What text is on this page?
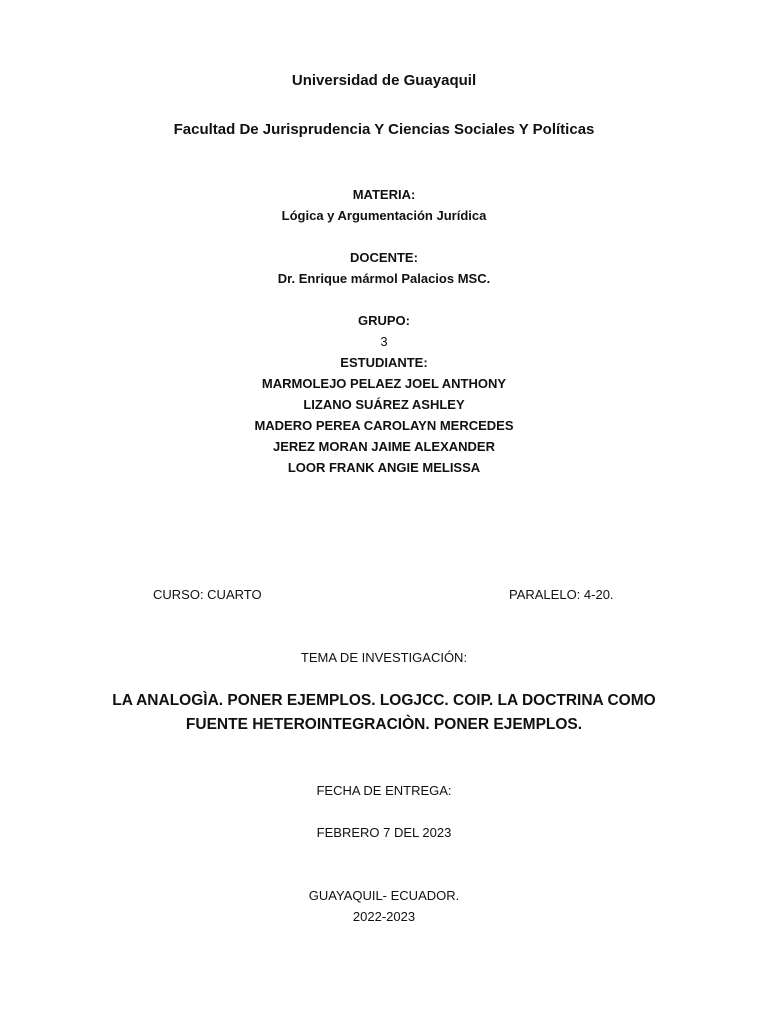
Universidad de Guayaquil
Facultad De Jurisprudencia Y Ciencias Sociales Y Políticas
MATERIA:
Lógica y Argumentación Jurídica
DOCENTE:
Dr. Enrique mármol Palacios MSC.
GRUPO:
3
ESTUDIANTE:
MARMOLEJO PELAEZ JOEL ANTHONY
LIZANO SUÁREZ ASHLEY
MADERO PEREA CAROLAYN MERCEDES
JEREZ MORAN JAIME ALEXANDER
LOOR FRANK ANGIE MELISSA
CURSO: CUARTO	PARALELO: 4-20.
TEMA DE INVESTIGACIÓN:
LA ANALOGÌA. PONER EJEMPLOS. LOGJCC. COIP. LA DOCTRINA COMO
FUENTE HETEROINTEGRACIÒN. PONER EJEMPLOS.
FECHA DE ENTREGA:
FEBRERO 7 DEL 2023
GUAYAQUIL- ECUADOR.
2022-2023
